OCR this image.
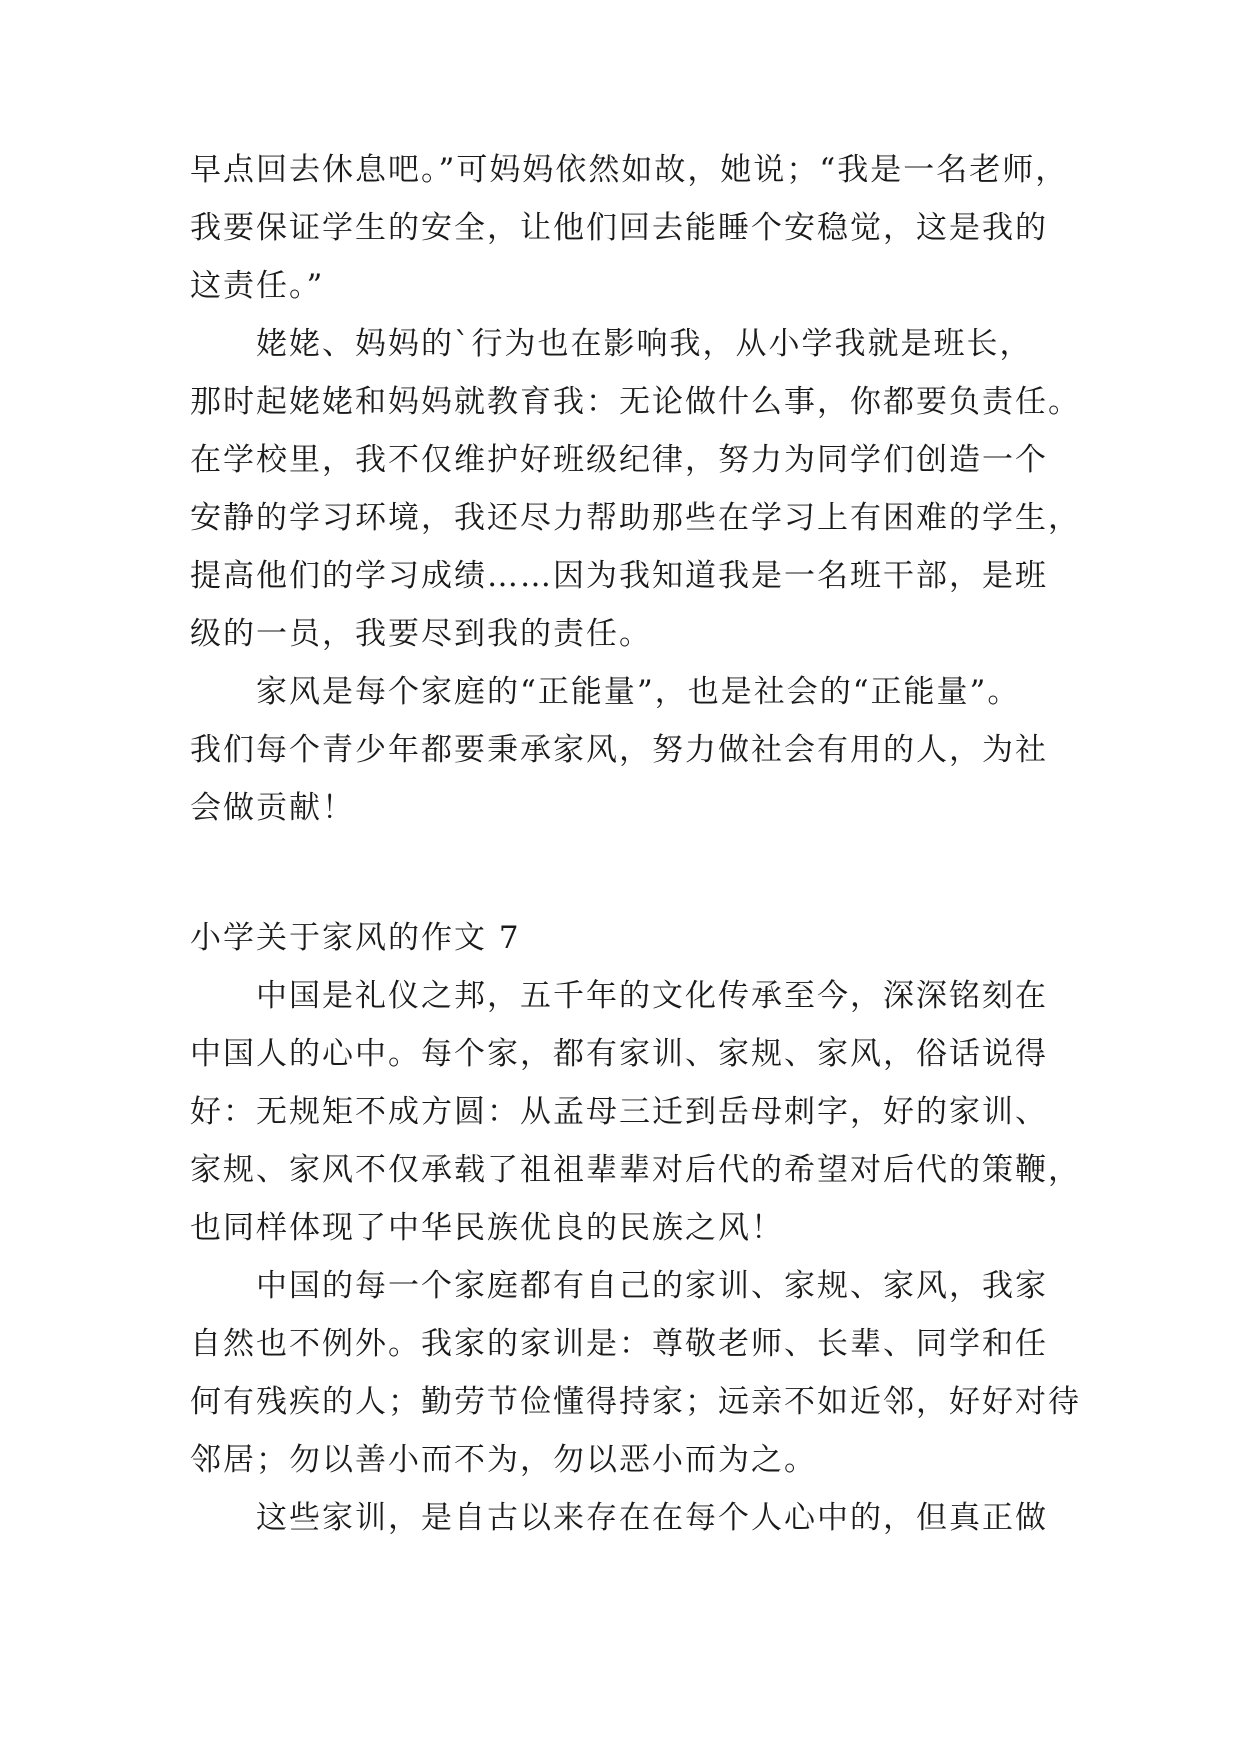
早点回去休息吧。”可妈妈依然如故，她说；“我是一名老师，
我要保证学生的安全，让他们回去能睡个安稳觉，这是我的
这责任。”
姥姥、妈妈的`行为也在影响我，从小学我就是班长，
那时起姥姥和妈妈就教育我：无论做什么事，你都要负责任。
在学校里，我不仅维护好班级纪律，努力为同学们创造一个
安静的学习环境，我还尽力帮助那些在学习上有困难的学生，
提高他们的学习成绩……因为我知道我是一名班干部，是班
级的一员，我要尽到我的责任。
家风是每个家庭的“正能量”，也是社会的“正能量”。
我们每个青少年都要秉承家风，努力做社会有用的人，为社
会做贡献！
小学关于家风的作文 7
中国是礼仪之邦，五千年的文化传承至今，深深铭刻在
中国人的心中。每个家，都有家训、家规、家风，俗话说得
好：无规矩不成方圆：从孟母三迁到岳母刺字，好的家训、
家规、家风不仅承载了祖祖辈辈对后代的希望对后代的策鞭，
也同样体现了中华民族优良的民族之风！
中国的每一个家庭都有自己的家训、家规、家风，我家
自然也不例外。我家的家训是：尊敬老师、长辈、同学和任
何有残疾的人；勤劳节俭懂得持家；远亲不如近邻，好好对待
邻居；勿以善小而不为，勿以恶小而为之。
这些家训，是自古以来存在在每个人心中的，但真正做
